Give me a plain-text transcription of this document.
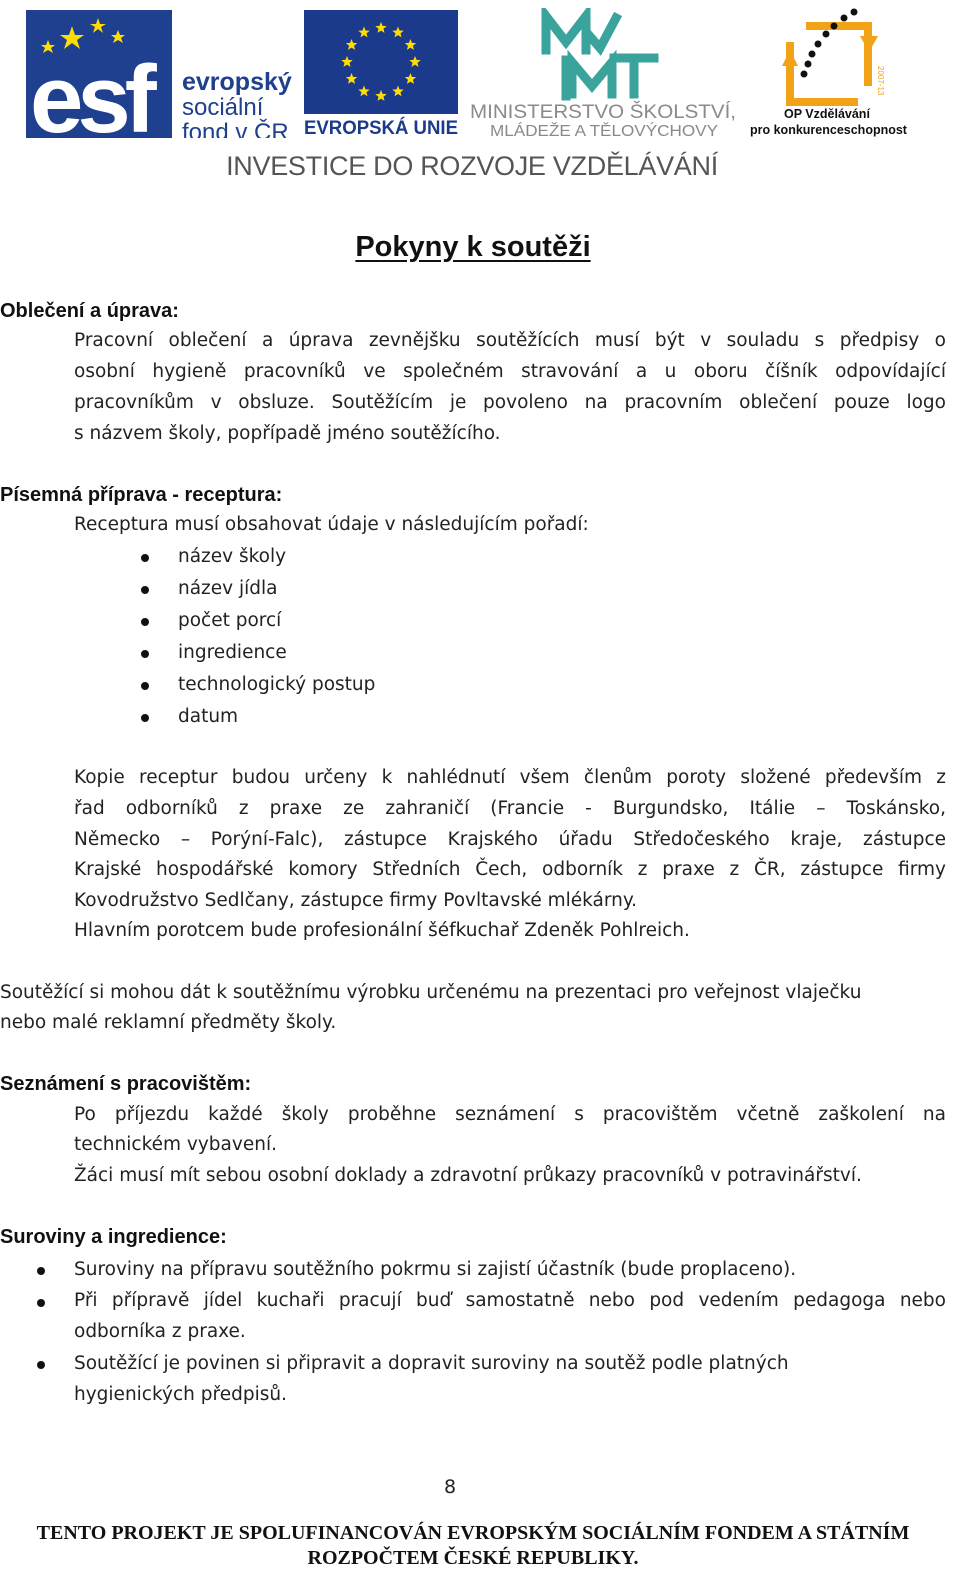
esf evropský
sociální
fond v ČR EVROPSKÁ UNIE
MINISTERSTVO ŠKOLSTVÍ,
MLÁDEŽE A TĚLOVÝCHOVY
2007-13
OP Vzdělávání
pro konkurenceschopnost
INVESTICE DO ROZVOJE VZDĚLÁVÁNÍ
Pokyny k soutěži
Oblečení a úprava:
Pracovní oblečení a úprava zevnějšku soutěžících musí být v souladu s předpisy o
osobní hygieně pracovníků ve společném stravování a u oboru číšník odpovídající
pracovníkům v obsluze. Soutěžícím je povoleno na pracovním oblečení pouze logo
s názvem školy, popřípadě jméno soutěžícího.
Písemná příprava - receptura:
Receptura musí obsahovat údaje v následujícím pořadí:
název školy
název jídla
počet porcí
ingredience
technologický postup
datum
Kopie receptur budou určeny k nahlédnutí všem členům poroty složené především z
řad odborníků z praxe ze zahraničí (Francie - Burgundsko, Itálie – Toskánsko,
Německo – Porýní-Falc), zástupce Krajského úřadu Středočeského kraje, zástupce
Krajské hospodářské komory Středních Čech, odborník z praxe z ČR, zástupce firmy
Kovodružstvo Sedlčany, zástupce firmy Povltavské mlékárny.
Hlavním porotcem bude profesionální šéfkuchař Zdeněk Pohlreich.
Soutěžící si mohou dát k soutěžnímu výrobku určenému na prezentaci pro veřejnost vlaječku
nebo malé reklamní předměty školy.
Seznámení s pracovištěm:
Po příjezdu každé školy proběhne seznámení s pracovištěm včetně zaškolení na
technickém vybavení.
Žáci musí mít sebou osobní doklady a zdravotní průkazy pracovníků v potravinářství.
Suroviny a ingredience:
Suroviny na přípravu soutěžního pokrmu si zajistí účastník (bude proplaceno).
Při přípravě jídel kuchaři pracují buď samostatně nebo pod vedením pedagoga nebo
odborníka z praxe.
Soutěžící je povinen si připravit a dopravit suroviny na soutěž podle platných
hygienických předpisů.
8
TENTO PROJEKT JE SPOLUFINANCOVÁN EVROPSKÝM SOCIÁLNÍM FONDEM A STÁTNÍM
ROZPOČTEM ČESKÉ REPUBLIKY.
